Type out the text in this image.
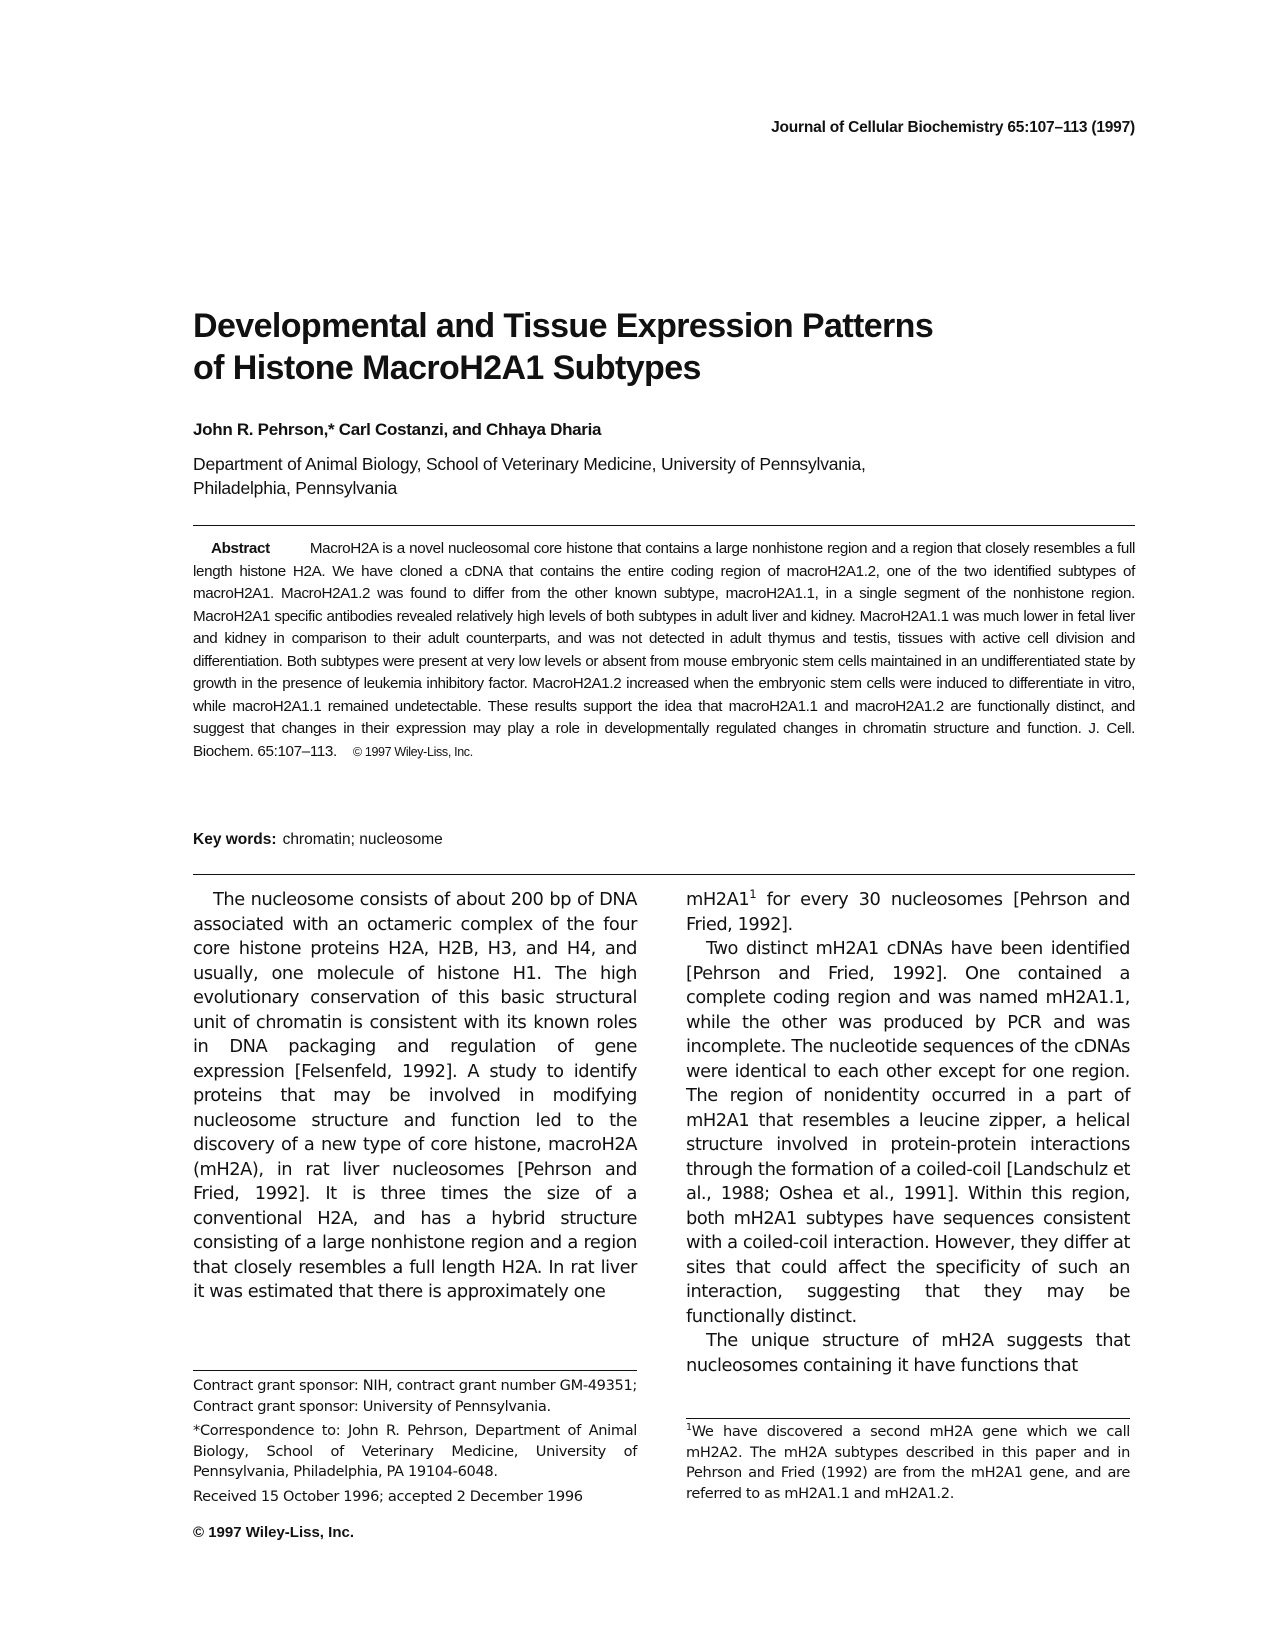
Journal of Cellular Biochemistry 65:107–113 (1997)
Developmental and Tissue Expression Patterns
of Histone MacroH2A1 Subtypes
John R. Pehrson,* Carl Costanzi, and Chhaya Dharia
Department of Animal Biology, School of Veterinary Medicine, University of Pennsylvania,
Philadelphia, Pennsylvania
Abstract	MacroH2A is a novel nucleosomal core histone that contains a large nonhistone region and a region that closely resembles a full length histone H2A. We have cloned a cDNA that contains the entire coding region of macroH2A1.2, one of the two identified subtypes of macroH2A1. MacroH2A1.2 was found to differ from the other known subtype, macroH2A1.1, in a single segment of the nonhistone region. MacroH2A1 specific antibodies revealed relatively high levels of both subtypes in adult liver and kidney. MacroH2A1.1 was much lower in fetal liver and kidney in comparison to their adult counterparts, and was not detected in adult thymus and testis, tissues with active cell division and differentiation. Both subtypes were present at very low levels or absent from mouse embryonic stem cells maintained in an undifferentiated state by growth in the presence of leukemia inhibitory factor. MacroH2A1.2 increased when the embryonic stem cells were induced to differentiate in vitro, while macroH2A1.1 remained undetectable. These results support the idea that macroH2A1.1 and macroH2A1.2 are functionally distinct, and suggest that changes in their expression may play a role in developmentally regulated changes in chromatin structure and function. J. Cell. Biochem. 65:107–113. © 1997 Wiley-Liss, Inc.
Key words: chromatin; nucleosome

The nucleosome consists of about 200 bp of DNA associated with an octameric complex of the four core histone proteins H2A, H2B, H3, and H4, and usually, one molecule of histone H1. The high evolutionary conservation of this basic structural unit of chromatin is consistent with its known roles in DNA packaging and regulation of gene expression [Felsenfeld, 1992]. A study to identify proteins that may be involved in modifying nucleosome structure and function led to the discovery of a new type of core histone, macroH2A (mH2A), in rat liver nucleosomes [Pehrson and Fried, 1992]. It is three times the size of a conventional H2A, and has a hybrid structure consisting of a large nonhistone region and a region that closely resembles a full length H2A. In rat liver it was estimated that there is approximately one

$mH2A1^1$ for every 30 nucleosomes [Pehrson and Fried, 1992].

Two distinct mH2A1 cDNAs have been identified [Pehrson and Fried, 1992]. One contained a complete coding region and was named mH2A1.1, while the other was produced by PCR and was incomplete. The nucleotide sequences of the cDNAs were identical to each other except for one region. The region of nonidentity occurred in a part of mH2A1 that resembles a leucine zipper, a helical structure involved in protein-protein interactions through the formation of a coiled-coil [Landschulz et al., 1988; Oshea et al., 1991]. Within this region, both mH2A1 subtypes have sequences consistent with a coiled-coil interaction. However, they differ at sites that could affect the specificity of such an interaction, suggesting that they may be functionally distinct.

The unique structure of mH2A suggests that nucleosomes containing it have functions that

Contract grant sponsor: NIH, contract grant number GM-49351; Contract grant sponsor: University of Pennsylvania.

*Correspondence to: John R. Pehrson, Department of Animal Biology, School of Veterinary Medicine, University of Pennsylvania, Philadelphia, PA 19104-6048.

Received 15 October 1996; accepted 2 December 1996

$^1$We have discovered a second mH2A gene which we call mH2A2. The mH2A subtypes described in this paper and in Pehrson and Fried (1992) are from the mH2A1 gene, and are referred to as mH2A1.1 and mH2A1.2.

© 1997 Wiley-Liss, Inc.
